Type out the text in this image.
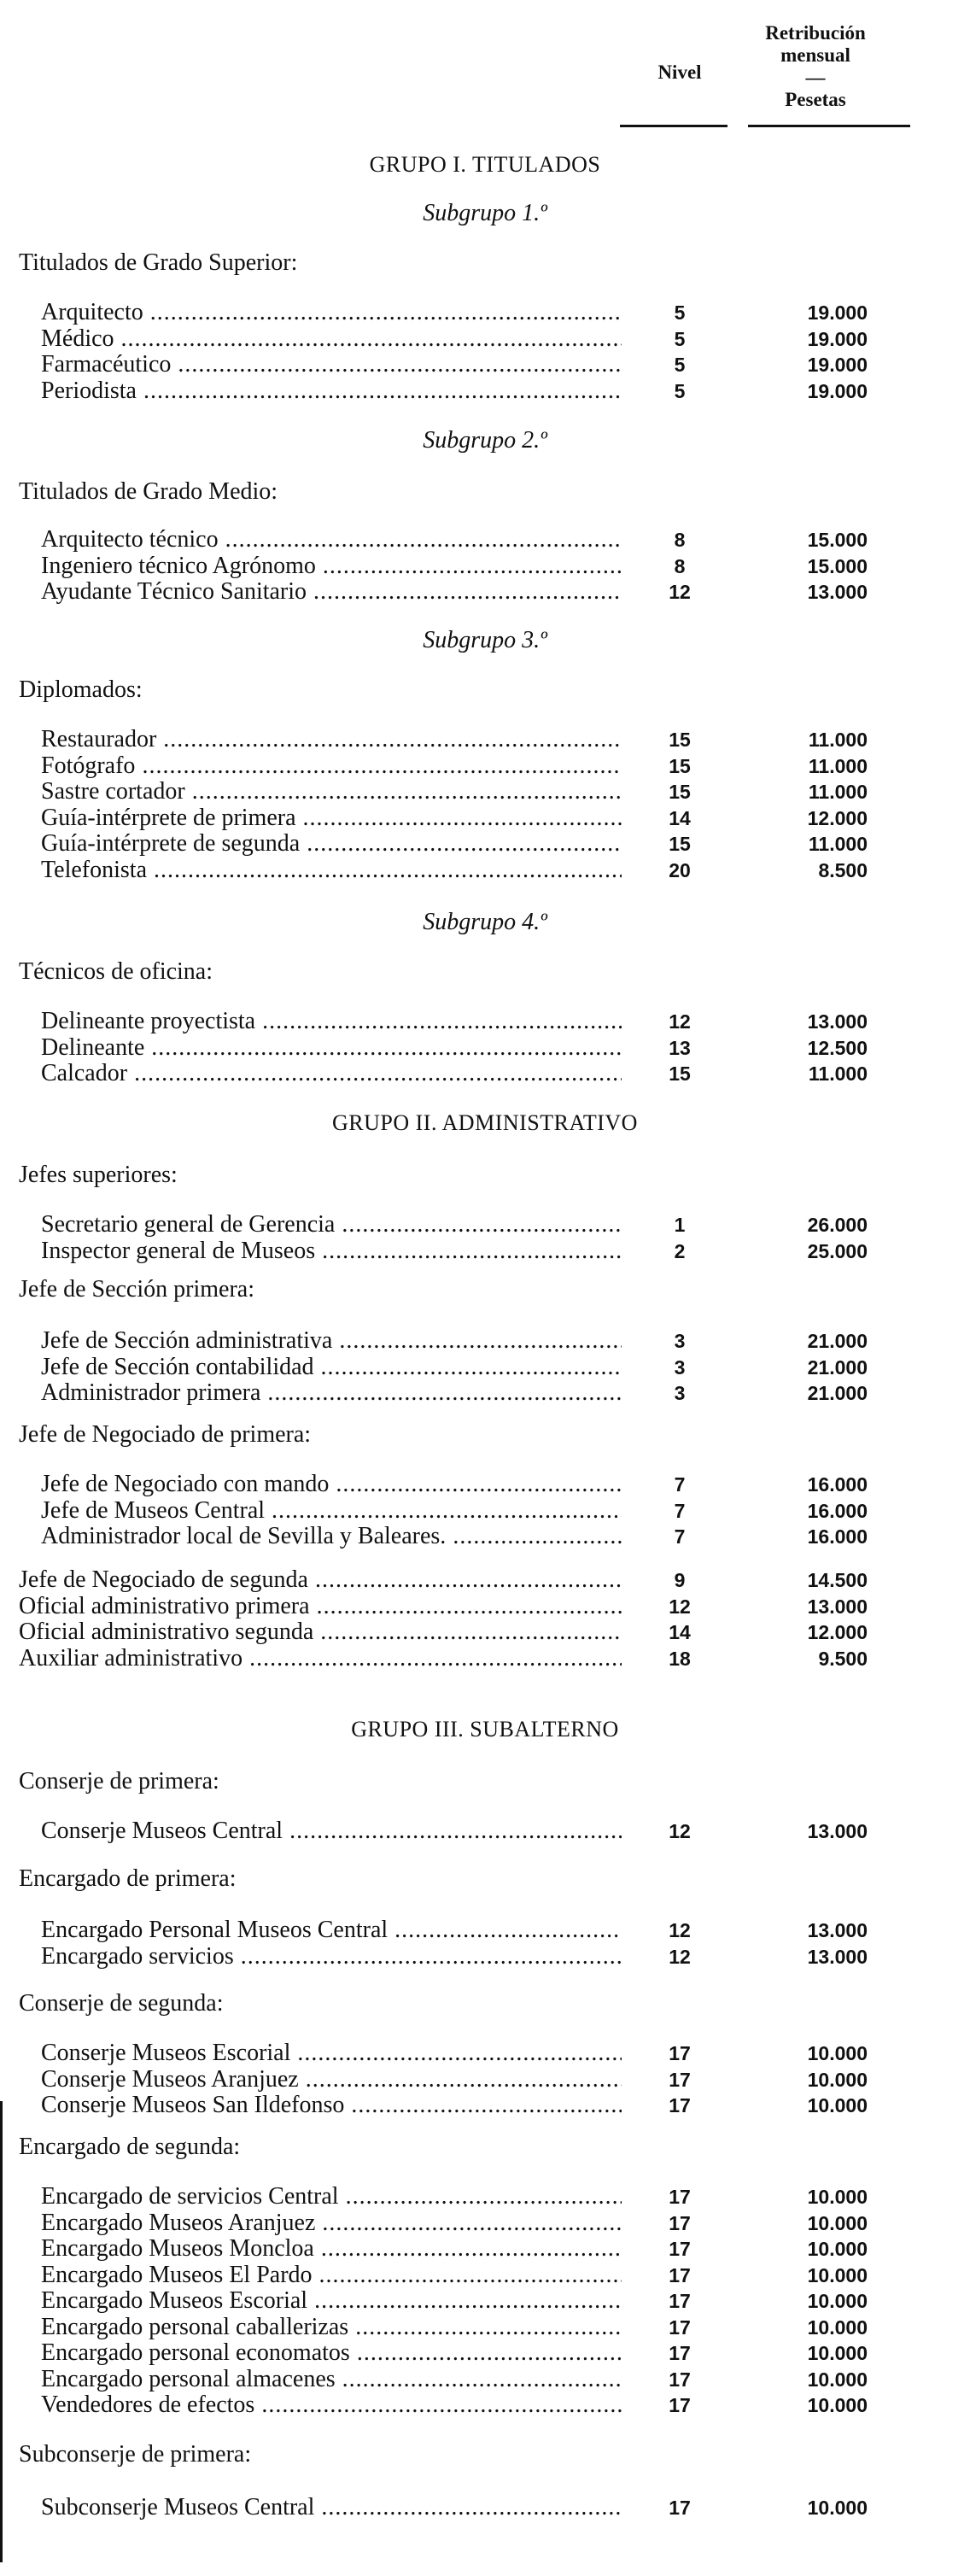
Retribución
mensual
—
Pesetas
Nivel
GRUPO I. TITULADOS
Subgrupo 1.º
Titulados de Grado Superior:
Arquitecto .....	5	19.000
Médico .....	5	19.000
Farmacéutico .....	5	19.000
Periodista .....	5	19.000
Subgrupo 2.º
Titulados de Grado Medio:
Arquitecto técnico .....	8	15.000
Ingeniero técnico Agrónomo .....	8	15.000
Ayudante Técnico Sanitario .....	12	13.000
Subgrupo 3.º
Diplomados:
Restaurador .....	15	11.000
Fotógrafo .....	15	11.000
Sastre cortador .....	15	11.000
Guía-intérprete de primera .....	14	12.000
Guía-intérprete de segunda .....	15	11.000
Telefonista .....	20	8.500
Subgrupo 4.º
Técnicos de oficina:
Delineante proyectista .....	12	13.000
Delineante .....	13	12.500
Calcador .....	15	11.000
GRUPO II. ADMINISTRATIVO
Jefes superiores:
Secretario general de Gerencia .....	1	26.000
Inspector general de Museos .....	2	25.000
Jefe de Sección primera:
Jefe de Sección administrativa .....	3	21.000
Jefe de Sección contabilidad .....	3	21.000
Administrador primera .....	3	21.000
Jefe de Negociado de primera:
Jefe de Negociado con mando .....	7	16.000
Jefe de Museos Central .....	7	16.000
Administrador local de Sevilla y Baleares. .....	7	16.000
Jefe de Negociado de segunda .....	9	14.500
Oficial administrativo primera .....	12	13.000
Oficial administrativo segunda .....	14	12.000
Auxiliar administrativo .....	18	9.500
GRUPO III. SUBALTERNO
Conserje de primera:
Conserje Museos Central .....	12	13.000
Encargado de primera:
Encargado Personal Museos Central .....	12	13.000
Encargado servicios .....	12	13.000
Conserje de segunda:
Conserje Museos Escorial .....	17	10.000
Conserje Museos Aranjuez .....	17	10.000
Conserje Museos San Ildefonso .....	17	10.000
Encargado de segunda:
Encargado de servicios Central .....	17	10.000
Encargado Museos Aranjuez .....	17	10.000
Encargado Museos Moncloa .....	17	10.000
Encargado Museos El Pardo .....	17	10.000
Encargado Museos Escorial .....	17	10.000
Encargado personal caballerizas .....	17	10.000
Encargado personal economatos .....	17	10.000
Encargado personal almacenes .....	17	10.000
Vendedores de efectos .....	17	10.000
Subconserje de primera:
Subconserje Museos Central .....	17	10.000
